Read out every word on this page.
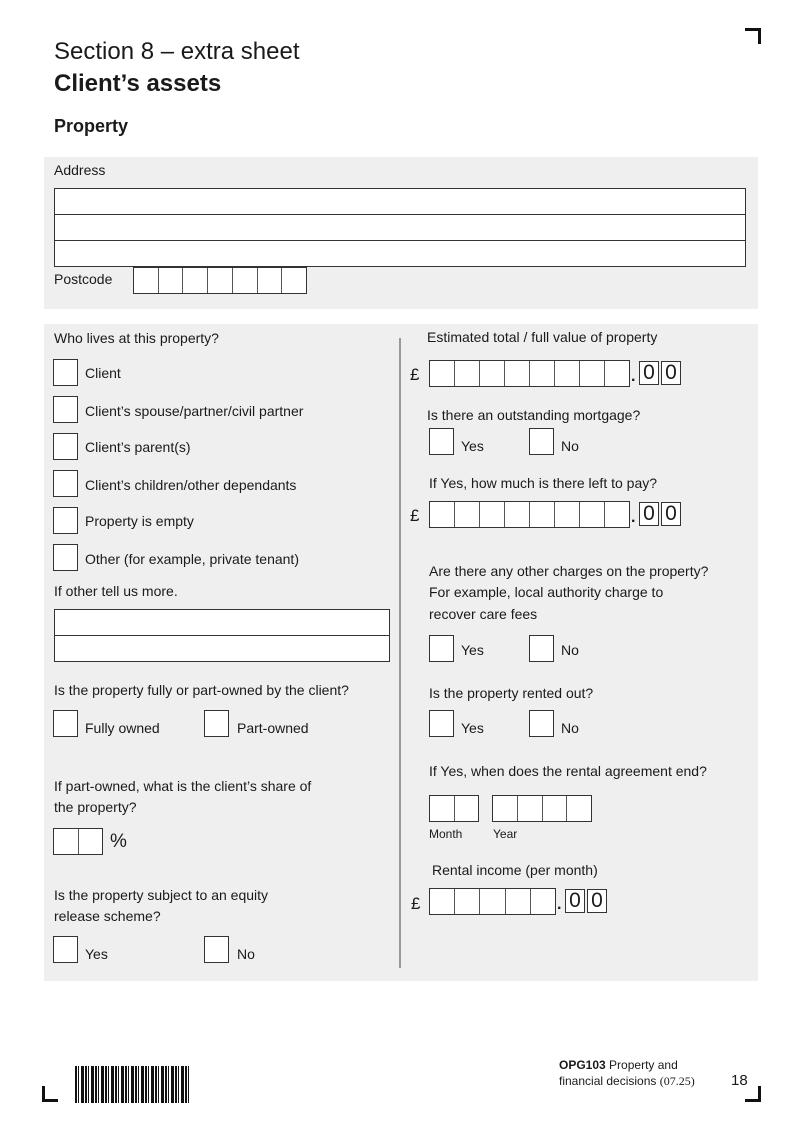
Section 8 – extra sheet
Client’s assets
Property
Address
Postcode
Who lives at this property?
Client
Client’s spouse/partner/civil partner
Client’s parent(s)
Client’s children/other dependants
Property is empty
Other (for example, private tenant)
If other tell us more.
Is the property fully or part-owned by the client?
Fully owned	Part-owned
If part-owned, what is the client’s share of
the property?
%
Is the property subject to an equity
release scheme?
Yes	No
Estimated total / full value of property
£	. 0 0
Is there an outstanding mortgage?
Yes	No
If Yes, how much is there left to pay?
£	. 0 0
Are there any other charges on the property?
For example, local authority charge to
recover care fees
Yes	No
Is the property rented out?
Yes	No
If Yes, when does the rental agreement end?
Month	Year
Rental income (per month)
£	. 0 0
OPG103 Property and
financial decisions (07.25) 18
